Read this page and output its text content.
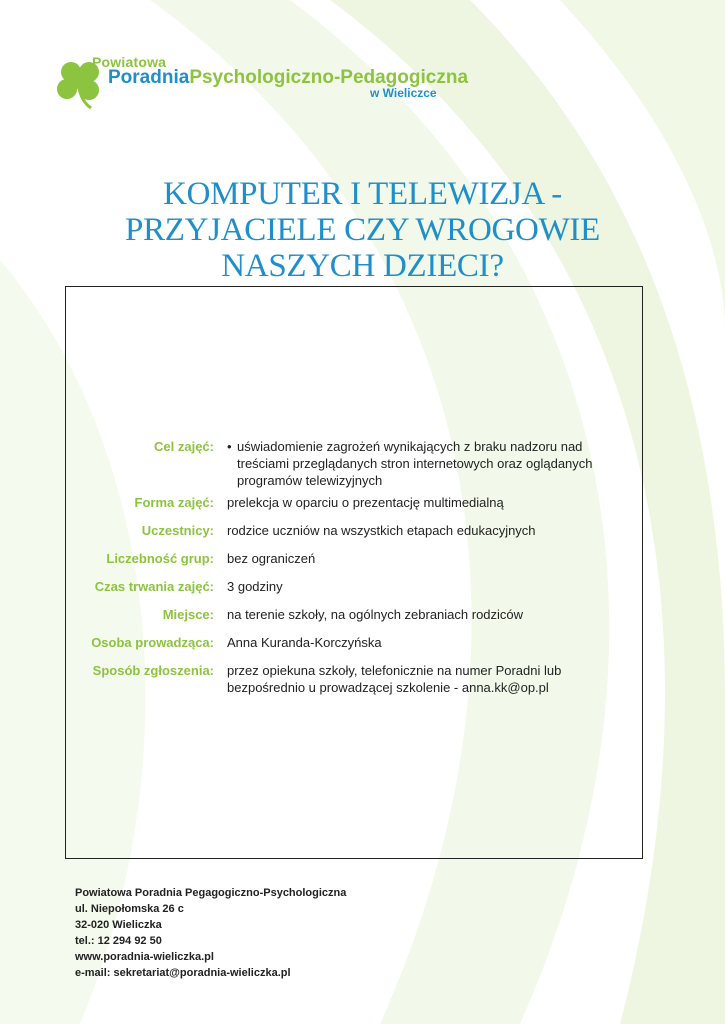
Powiatowa
PoradniaPsychologiczno-Pedagogiczna
w Wieliczce
KOMPUTER I TELEWIZJA -
PRZYJACIELE CZY WROGOWIE
NASZYCH DZIECI?
Cel zajęć: • uświadomienie zagrożeń wynikających z braku nadzoru nad treściami przeglądanych stron internetowych oraz oglądanych programów telewizyjnych
Forma zajęć: prelekcja w oparciu o prezentację multimedialną
Uczestnicy: rodzice uczniów na wszystkich etapach edukacyjnych
Liczebność grup: bez ograniczeń
Czas trwania zajęć: 3 godziny
Miejsce: na terenie szkoły, na ogólnych zebraniach rodziców
Osoba prowadząca: Anna Kuranda-Korczyńska
Sposób zgłoszenia: przez opiekuna szkoły, telefonicznie na numer Poradni lub bezpośrednio u prowadzącej szkolenie - anna.kk@op.pl
Powiatowa Poradnia Pegagogiczno-Psychologiczna
ul. Niepołomska 26 c
32-020 Wieliczka
tel.: 12 294 92 50
www.poradnia-wieliczka.pl
e-mail: sekretariat@poradnia-wieliczka.pl
